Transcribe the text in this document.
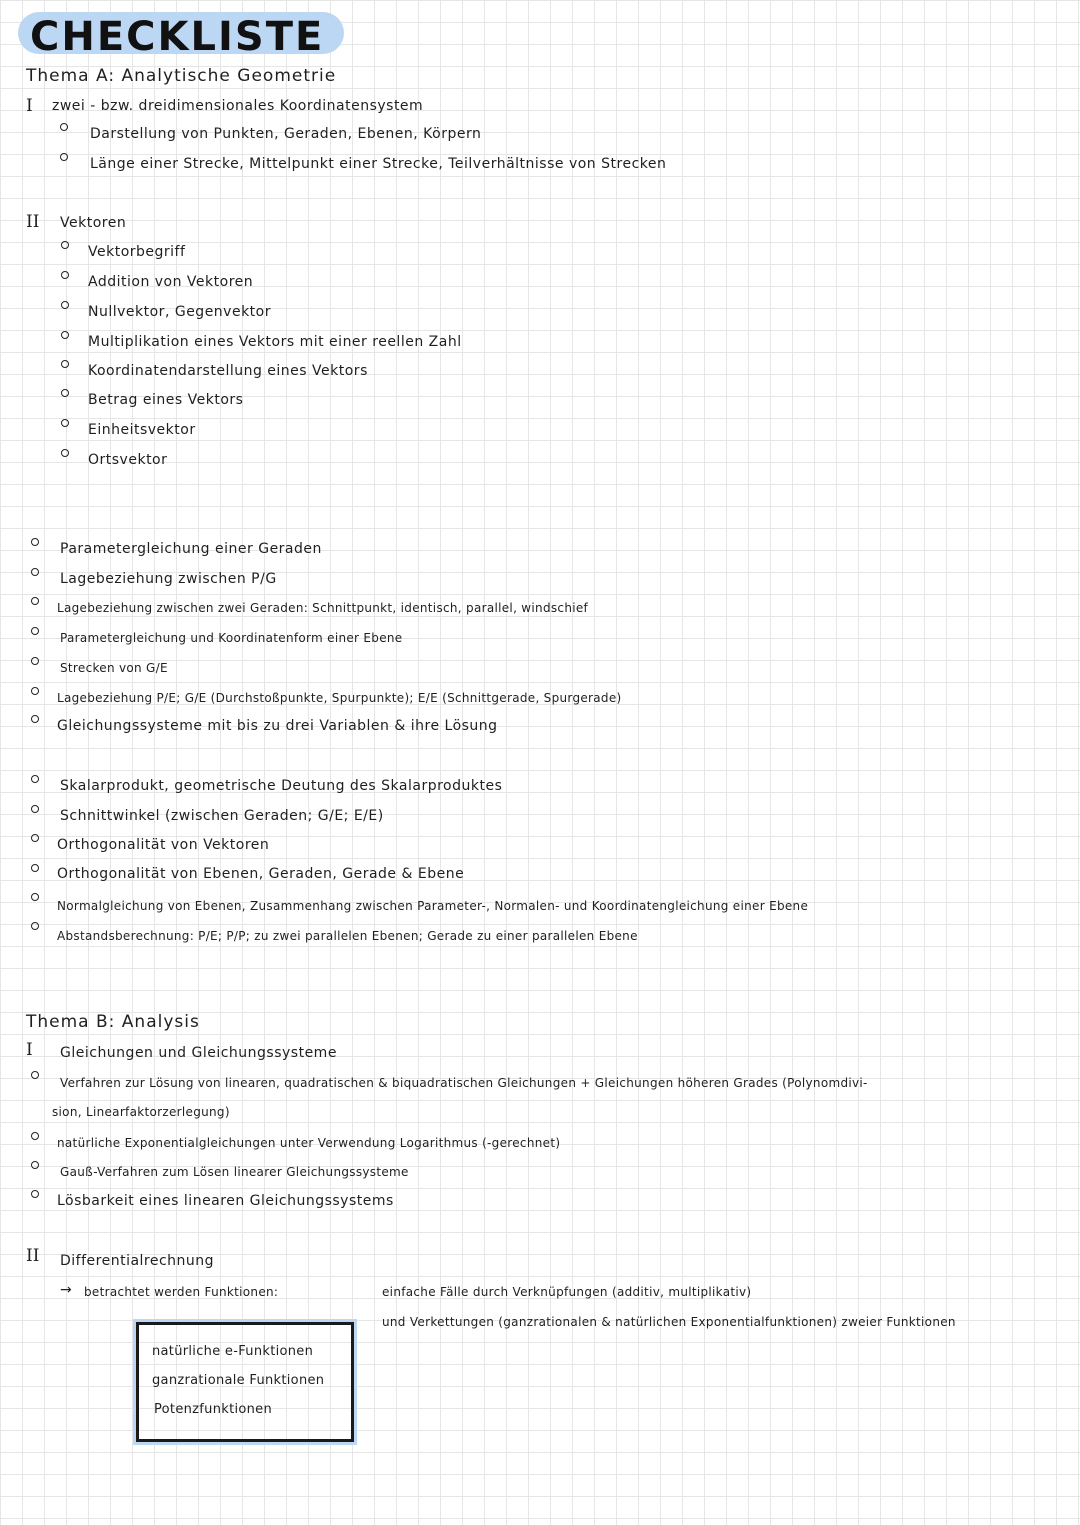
CHECKLISTE
Thema A: Analytische Geometrie
I zwei - bzw. dreidimensionales Koordinatensystem
Darstellung von Punkten, Geraden, Ebenen, Körpern
Länge einer Strecke, Mittelpunkt einer Strecke, Teilverhältnisse von Strecken
II Vektoren
Vektorbegriff
Addition von Vektoren
Nullvektor, Gegenvektor
Multiplikation eines Vektors mit einer reellen Zahl
Koordinatendarstellung eines Vektors
Betrag eines Vektors
Einheitsvektor
Ortsvektor
Parametergleichung einer Geraden
Lagebeziehung zwischen P/G
Lagebeziehung zwischen zwei Geraden: Schnittpunkt, identisch, parallel, windschief
Parametergleichung und Koordinatenform einer Ebene
Strecken von G/E
Lagebeziehung P/E; G/E (Durchstoßpunkte, Spurpunkte); E/E (Schnittgerade, Spurgerade)
Gleichungssysteme mit bis zu drei Variablen & ihre Lösung
Skalarprodukt, geometrische Deutung des Skalarproduktes
Schnittwinkel (zwischen Geraden; G/E; E/E)
Orthogonalität von Vektoren
Orthogonalität von Ebenen, Geraden, Gerade & Ebene
Normalgleichung von Ebenen, Zusammenhang zwischen Parameter-, Normalen- und Koordinatengleichung einer Ebene
Abstandsberechnung: P/E; P/P; zu zwei parallelen Ebenen; Gerade zu einer parallelen Ebene
Thema B: Analysis
I Gleichungen und Gleichungssysteme
Verfahren zur Lösung von linearen, quadratischen & biquadratischen Gleichungen + Gleichungen höheren Grades (Polynomdivi-
sion, Linearfaktorzerlegung)
natürliche Exponentialgleichungen unter Verwendung Logarithmus (-gerechnet)
Gauß-Verfahren zum Lösen linearer Gleichungssysteme
Lösbarkeit eines linearen Gleichungssystems
II Differentialrechnung
→ betrachtet werden Funktionen:	einfache Fälle durch Verknüpfungen (additiv, multiplikativ)
und Verkettungen (ganzrationalen & natürlichen Exponentialfunktionen) zweier Funktionen
natürliche e-Funktionen
ganzrationale Funktionen
Potenzfunktionen
